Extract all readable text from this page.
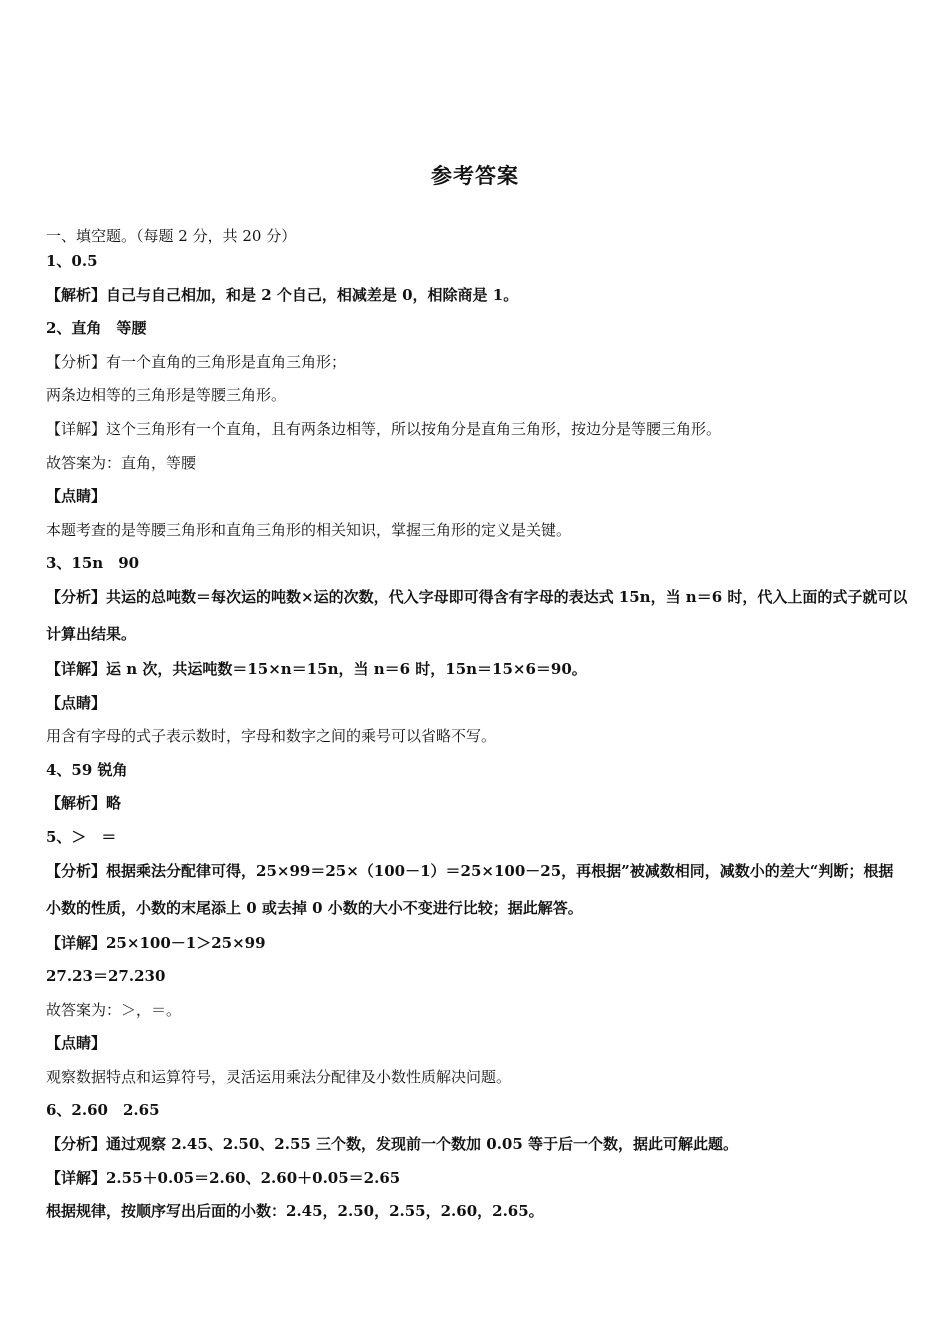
参考答案
一、填空题。（每题 2 分，共 20 分）
1、0.5
【解析】自己与自己相加，和是 2 个自己，相减差是 0，相除商是 1。
2、直角　等腰
【分析】有一个直角的三角形是直角三角形；
两条边相等的三角形是等腰三角形。
【详解】这个三角形有一个直角，且有两条边相等，所以按角分是直角三角形，按边分是等腰三角形。
故答案为：直角，等腰
【点睛】
本题考查的是等腰三角形和直角三角形的相关知识，掌握三角形的定义是关键。
3、15n　90
【分析】共运的总吨数＝每次运的吨数×运的次数，代入字母即可得含有字母的表达式 15n，当 n＝6 时，代入上面的式子就可以计算出结果。
【详解】运 n 次，共运吨数＝15×n＝15n，当 n＝6 时，15n＝15×6＝90。
【点睛】
用含有字母的式子表示数时，字母和数字之间的乘号可以省略不写。
4、59 锐角
【解析】略
5、＞　＝
【分析】根据乘法分配律可得，25×99＝25×（100－1）＝25×100－25，再根据”被减数相同，减数小的差大“判断；根据小数的性质，小数的末尾添上 0 或去掉 0 小数的大小不变进行比较；据此解答。
【详解】25×100－1＞25×99
27.23＝27.230
故答案为：＞，＝。
【点睛】
观察数据特点和运算符号，灵活运用乘法分配律及小数性质解决问题。
6、2.60　2.65
【分析】通过观察 2.45、2.50、2.55 三个数，发现前一个数加 0.05 等于后一个数，据此可解此题。
【详解】2.55＋0.05＝2.60、2.60＋0.05＝2.65
根据规律，按顺序写出后面的小数：2.45，2.50，2.55，2.60，2.65。
